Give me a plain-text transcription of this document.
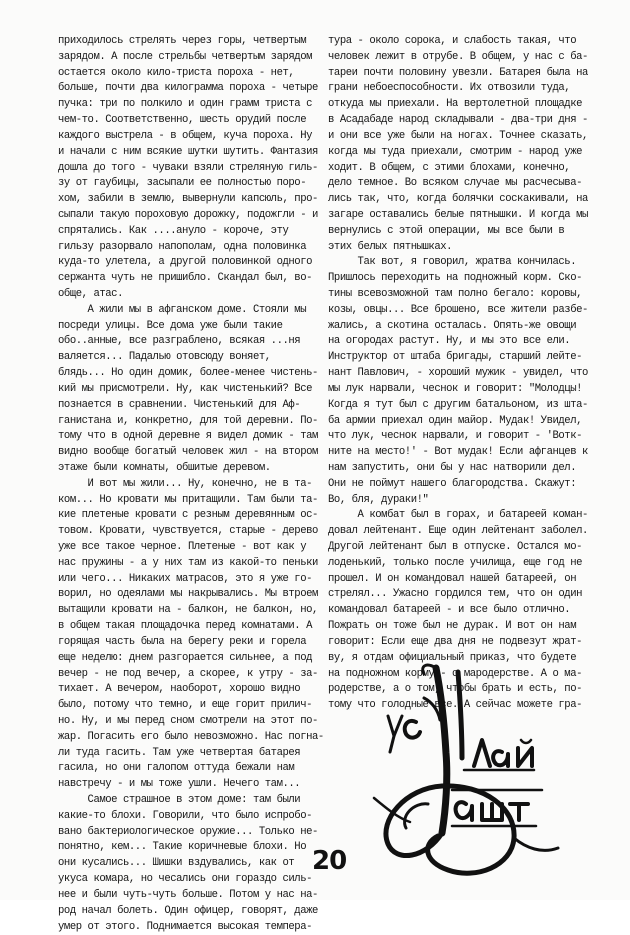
приходилось стрелять через горы, четвертым
зарядом. А после стрельбы четвертым зарядом
остается около кило-триста пороха - нет,
больше, почти два килограмма пороха - четыре
пучка: три по полкило и один грамм триста с
чем-то. Соответственно, шесть орудий после
каждого выстрела - в общем, куча пороха. Ну
и начали с ним всякие шутки шутить. Фантазия
дошла до того - чуваки взяли стреляную гиль-
зу от гаубицы, засыпали ее полностью поро-
хом, забили в землю, вывернули капсюль, про-
сыпали такую пороховую дорожку, подожгли - и
спрятались. Как ....ануло - короче, эту
гильзу разорвало напополам, одна половинка
куда-то улетела, а другой половинкой одного
сержанта чуть не пришибло. Скандал был, во-
обще, атас.
А жили мы в афганском доме. Стояли мы
посреди улицы. Все дома уже были такие
обо..анные, все разграблено, всякая ...ня
валяется... Падалью отовсюду воняет,
блядь... Но один домик, более-менее чистень-
кий мы присмотрели. Ну, как чистенький? Все
познается в сравнении. Чистенький для Аф-
ганистана и, конкретно, для той деревни. По-
тому что в одной деревне я видел домик - там
видно вообще богатый человек жил - на втором
этаже были комнаты, обшитые деревом.
И вот мы жили... Ну, конечно, не в та-
ком... Но кровати мы притащили. Там были та-
кие плетеные кровати с резным деревянным ос-
товом. Кровати, чувствуется, старые - дерево
уже все такое черное. Плетеные - вот как у
нас пружины - а у них там из какой-то пеньки
или чего... Никаких матрасов, это я уже го-
ворил, но одеялами мы накрывались. Мы втроем
вытащили кровати на - балкон, не балкон, но,
в общем такая площадочка перед комнатами. А
горящая часть была на берегу реки и горела
еще неделю: днем разгорается сильнее, а под
вечер - не под вечер, а скорее, к утру - за-
тихает. А вечером, наоборот, хорошо видно
было, потому что темно, и еще горит прилич-
но. Ну, и мы перед сном смотрели на этот по-
жар. Погасить его было невозможно. Нас погна-
ли туда гасить. Там уже четвертая батарея
гасила, но они галопом оттуда бежали нам
навстречу - и мы тоже ушли. Нечего там...
Самое страшное в этом доме: там были
какие-то блохи. Говорили, что было испробо-
вано бактериологическое оружие... Только не-
понятно, кем... Такие коричневые блохи. Но
они кусались... Шишки вздувались, как от
укуса комара, но чесались они гораздо силь-
нее и были чуть-чуть больше. Потом у нас на-
род начал болеть. Один офицер, говорят, даже
умер от этого. Поднимается высокая темпера-
тура - около сорока, и слабость такая, что
человек лежит в отрубе. В общем, у нас с ба-
тареи почти половину увезли. Батарея была на
грани небоеспособности. Их отвозили туда,
откуда мы приехали. На вертолетной площадке
в Асадабаде народ складывали - два-три дня -
и они все уже были на ногах. Точнее сказать,
когда мы туда приехали, смотрим - народ уже
ходит. В общем, с этими блохами, конечно,
дело темное. Во всяком случае мы расчесыва-
лись так, что, когда болячки соскакивали, на
загаре оставались белые пятнышки. И когда мы
вернулись с этой операции, мы все были в
этих белых пятнышках.
Так вот, я говорил, жратва кончилась.
Пришлось переходить на подножный корм. Ско-
тины всевозможной там полно бегало: коровы,
козы, овцы... Все брошено, все жители разбе-
жались, а скотина осталась. Опять-же овощи
на огородах растут. Ну, и мы это все ели.
Инструктор от штаба бригады, старший лейте-
нант Павлович, - хороший мужик - увидел, что
мы лук нарвали, чеснок и говорит: "Молодцы!
Когда я тут был с другим батальоном, из шта-
ба армии приехал один майор. Мудак! Увидел,
что лук, чеснок нарвали, и говорит - 'Вотк-
ните на место!' - Вот мудак! Если афганцев к
нам запустить, они бы у нас натворили дел.
Они не поймут нашего благородства. Скажут:
Во, бля, дураки!"
А комбат был в горах, и батареей коман-
довал лейтенант. Еще один лейтенант заболел.
Другой лейтенант был в отпуске. Остался мо-
лоденький, только после училища, еще год не
прошел. И он командовал нашей батареей, он
стрелял... Ужасно гордился тем, что он один
командовал батареей - и все было отлично.
Пожрать он тоже был не дурак. И вот он нам
говорит: Если еще два дня не подвезут жрат-
ву, я отдам официальный приказ, что будете
на подножном корму - о мародерстве. А о ма-
родерстве, а о том, чтобы брать и есть, по-
тому что голодные все. А сейчас можете гра-
20
